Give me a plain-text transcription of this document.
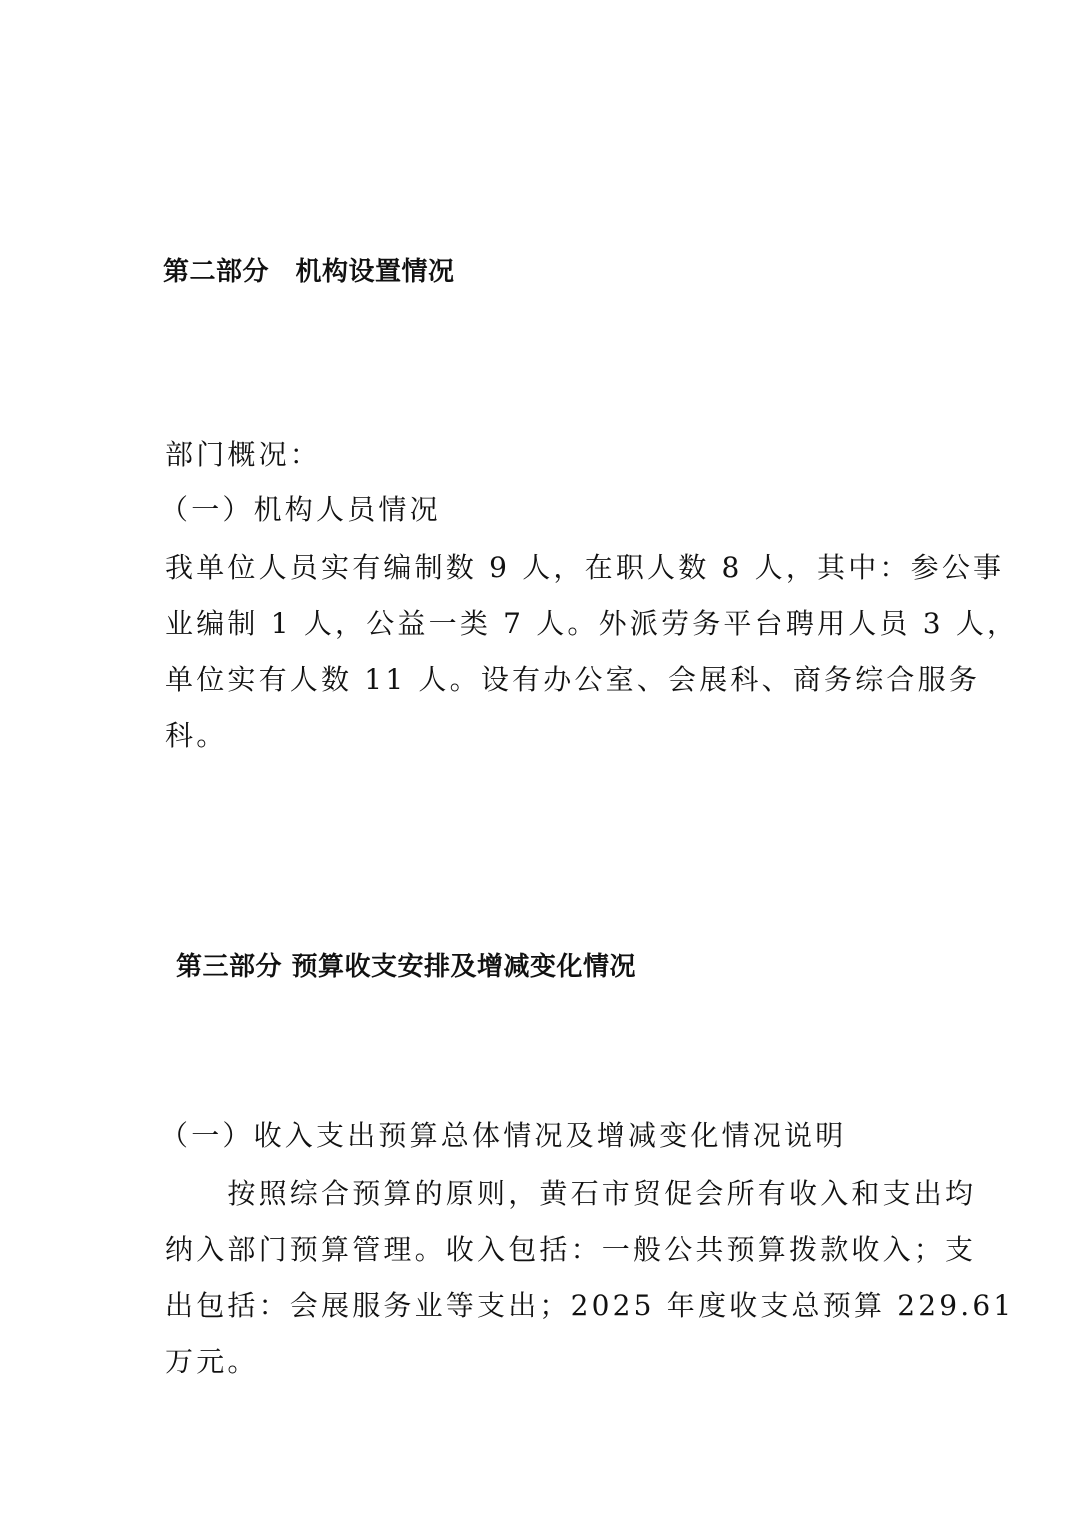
第二部分　机构设置情况
部门概况：
（一）机构人员情况
我单位人员实有编制数 9 人，在职人数 8 人，其中：参公事
业编制 1 人，公益一类 7 人。外派劳务平台聘用人员 3 人，
单位实有人数 11 人。设有办公室、会展科、商务综合服务
科。
第三部分 预算收支安排及增减变化情况
（一）收入支出预算总体情况及增减变化情况说明
　　按照综合预算的原则，黄石市贸促会所有收入和支出均
纳入部门预算管理。收入包括：一般公共预算拨款收入；支
出包括：会展服务业等支出；2025 年度收支总预算 229.61
万元。
